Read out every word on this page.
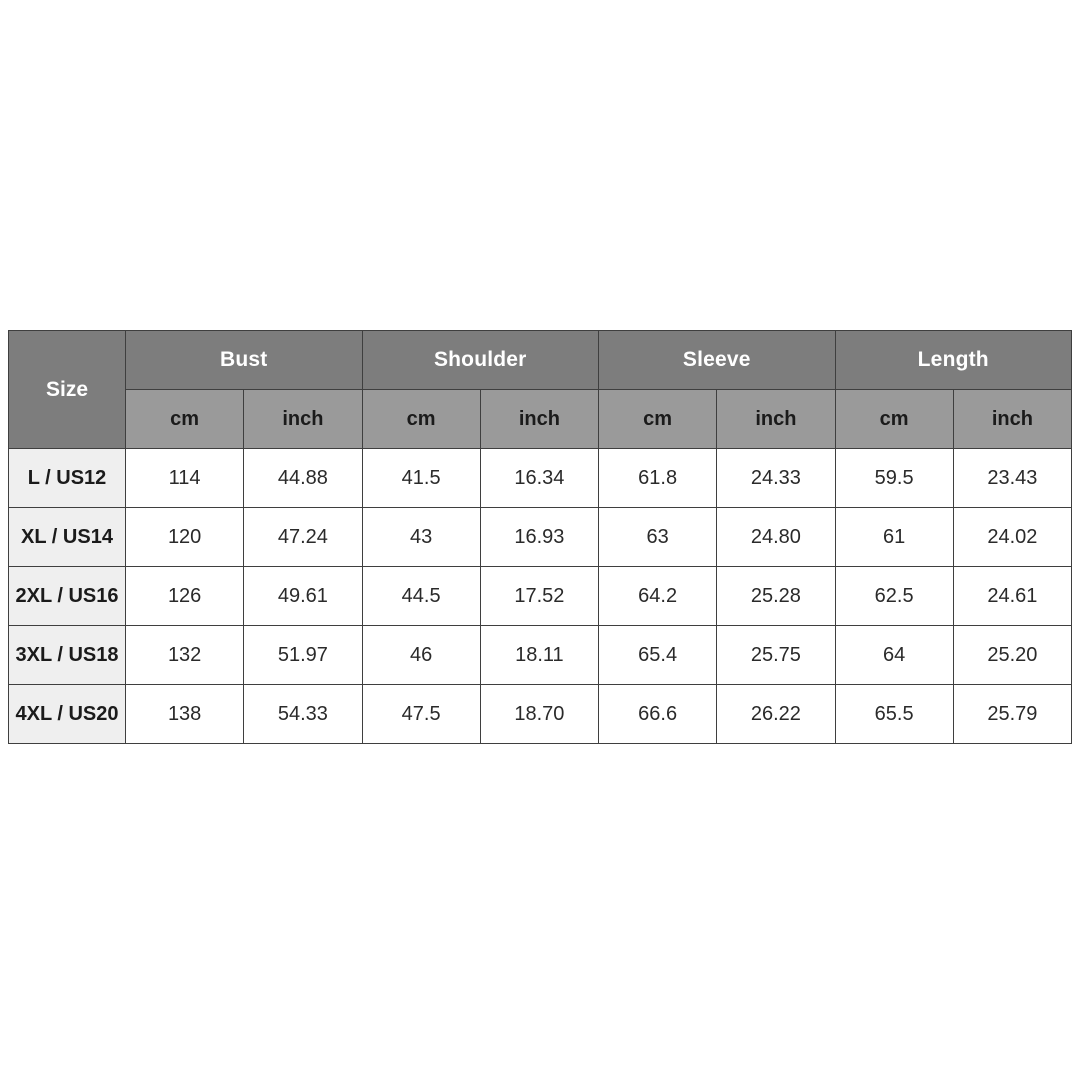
Size	Bust		Shoulder		Sleeve		Length	
	cm	inch	cm	inch	cm	inch	cm	inch
L / US12	114	44.88	41.5	16.34	61.8	24.33	59.5	23.43
XL / US14	120	47.24	43	16.93	63	24.80	61	24.02
2XL / US16	126	49.61	44.5	17.52	64.2	25.28	62.5	24.61
3XL / US18	132	51.97	46	18.11	65.4	25.75	64	25.20
4XL / US20	138	54.33	47.5	18.70	66.6	26.22	65.5	25.79
